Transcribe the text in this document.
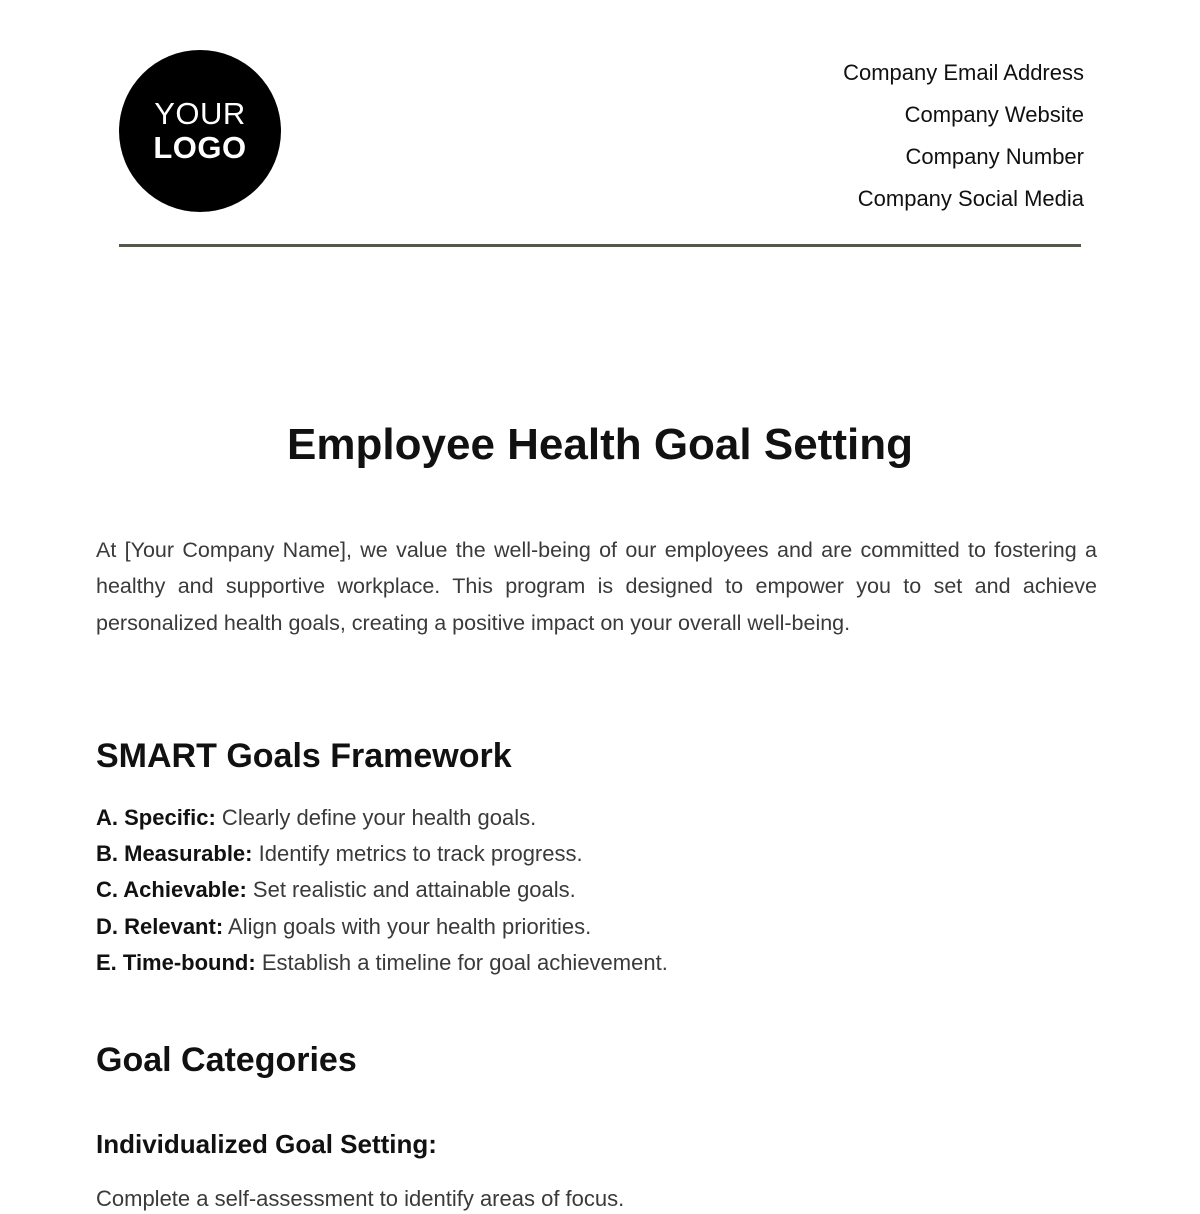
YOUR
LOGO
Company Email Address
Company Website
Company Number
Company Social Media
Employee Health Goal Setting

At [Your Company Name], we value the well-being of our employees and are committed to fostering a healthy and supportive workplace. This program is designed to empower you to set and achieve personalized health goals, creating a positive impact on your overall well-being.

SMART Goals Framework
A. Specific: Clearly define your health goals.
B. Measurable: Identify metrics to track progress.
C. Achievable: Set realistic and attainable goals.
D. Relevant: Align goals with your health priorities.
E. Time-bound: Establish a timeline for goal achievement.
Goal Categories
Individualized Goal Setting:

Complete a self-assessment to identify areas of focus.
